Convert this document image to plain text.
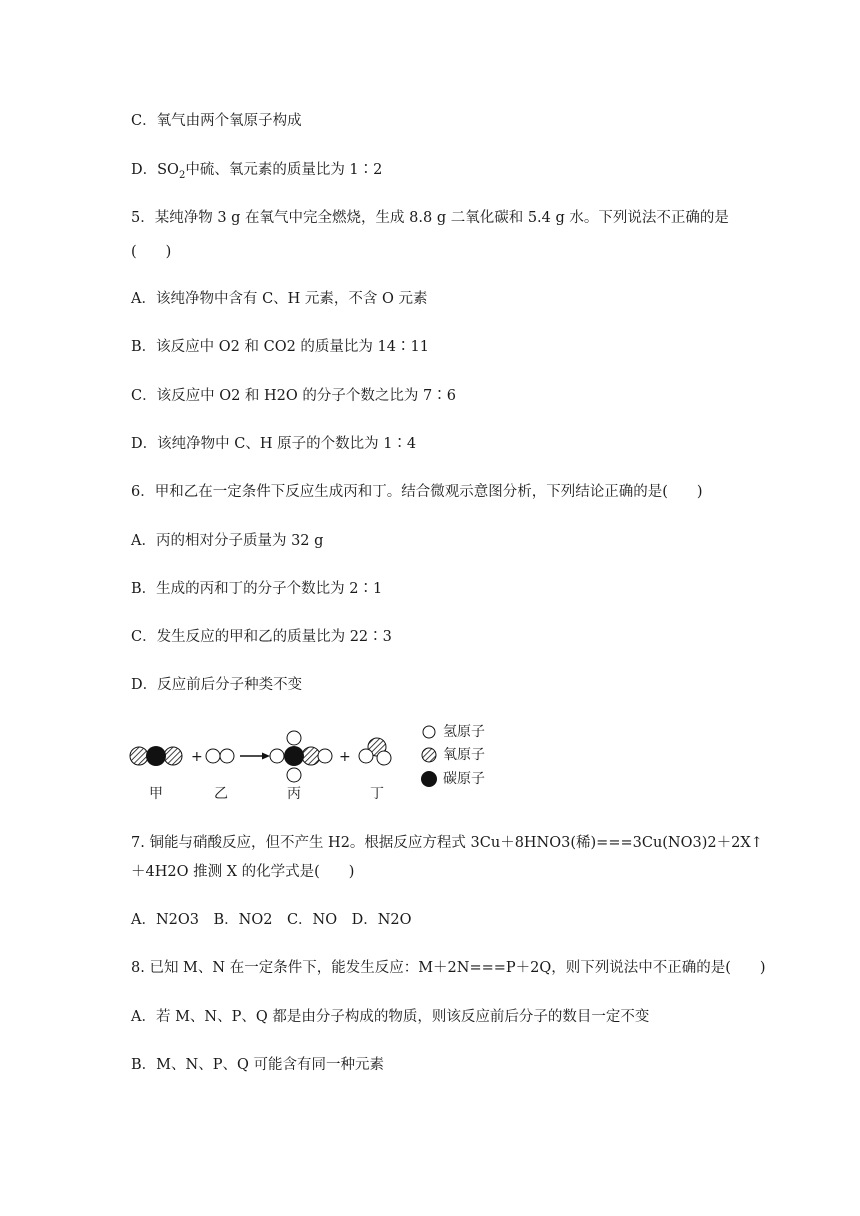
C．氧气由两个氧原子构成
D．$SO_2$中硫、氧元素的质量比为 1∶2
5．某纯净物 3 g 在氧气中完全燃烧，生成 8.8 g 二氧化碳和 5.4 g 水。下列说法不正确的是
(　　)
A．该纯净物中含有 C、H 元素，不含 O 元素
B．该反应中 O2 和 CO2 的质量比为 14∶11
C．该反应中 O2 和 H2O 的分子个数之比为 7∶6
D．该纯净物中 C、H 原子的个数比为 1∶4
6．甲和乙在一定条件下反应生成丙和丁。结合微观示意图分析，下列结论正确的是(　　)
A．丙的相对分子质量为 32 g
B．生成的丙和丁的分子个数比为 2∶1
C．发生反应的甲和乙的质量比为 22∶3
D．反应前后分子种类不变
+	+
甲	乙	丙	丁
氢原子
氧原子
碳原子
7. 铜能与硝酸反应，但不产生 H2。根据反应方程式 3Cu＋8HNO3(稀)===3Cu(NO3)2＋2X↑
＋4H2O 推测 X 的化学式是(　　)
A．N2O3　B．NO2　C．NO　D．N2O
8. 已知 M、N 在一定条件下，能发生反应：M＋2N===P＋2Q，则下列说法中不正确的是(　　)
A．若 M、N、P、Q 都是由分子构成的物质，则该反应前后分子的数目一定不变
B．M、N、P、Q 可能含有同一种元素
